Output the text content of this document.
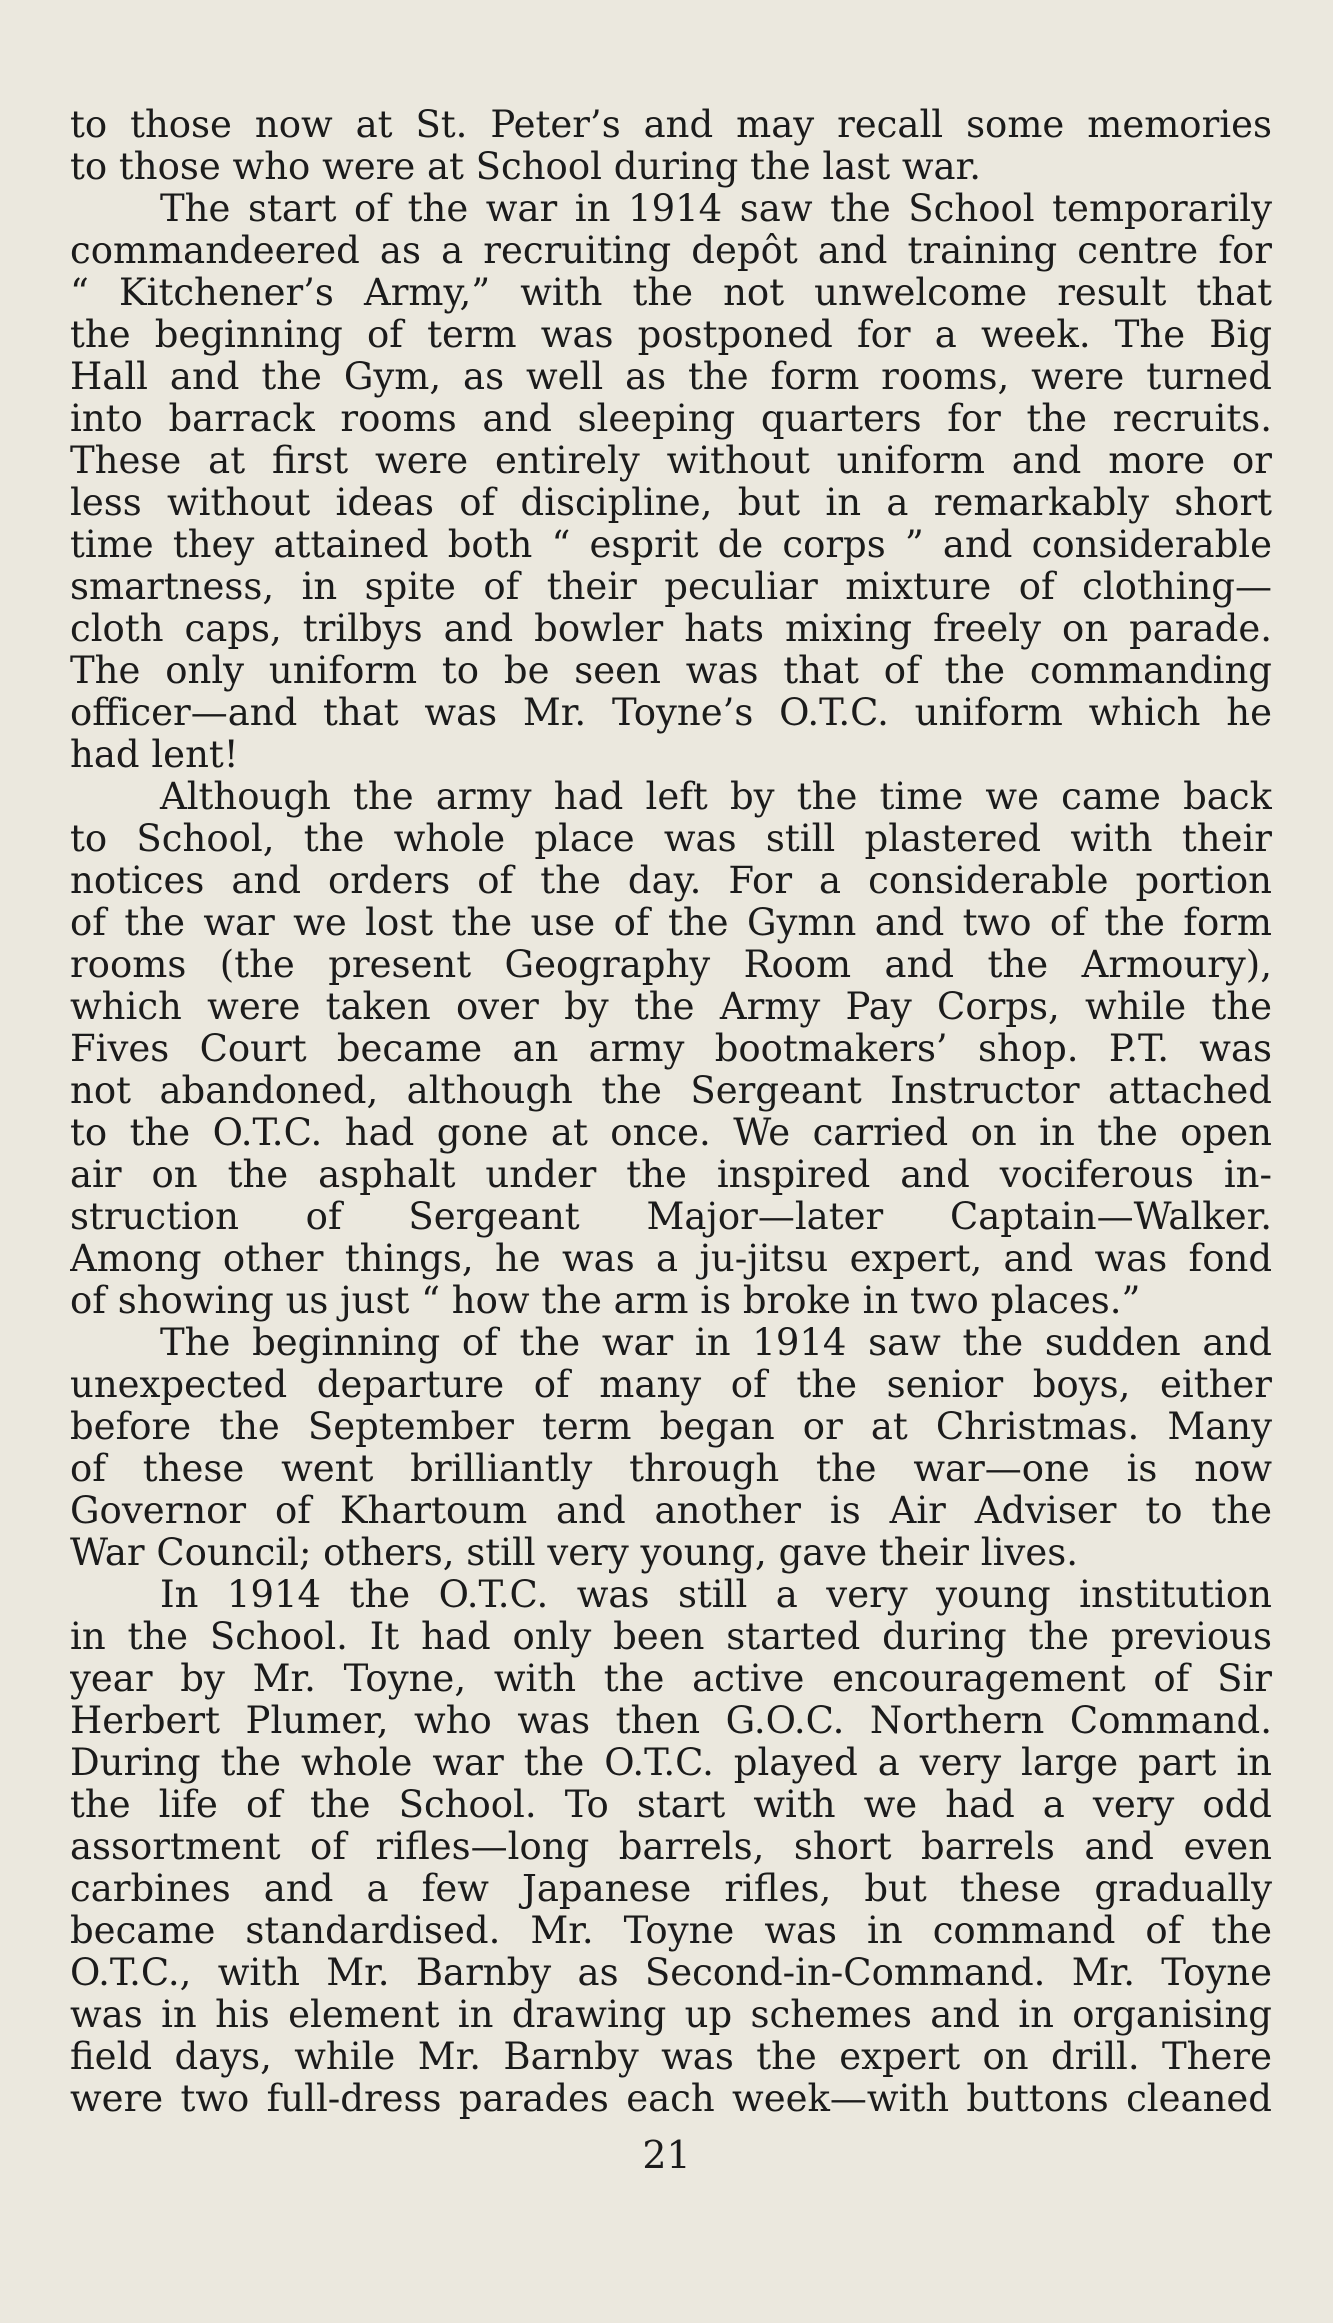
to those now at St. Peter’s and may recall some memories
to those who were at School during the last war.
The start of the war in 1914 saw the School temporarily
commandeered as a recruiting depôt and training centre for
“ Kitchener’s Army,” with the not unwelcome result that
the beginning of term was postponed for a week. The Big
Hall and the Gym, as well as the form rooms, were turned
into barrack rooms and sleeping quarters for the recruits.
These at first were entirely without uniform and more or
less without ideas of discipline, but in a remarkably short
time they attained both “ esprit de corps ” and considerable
smartness, in spite of their peculiar mixture of clothing—
cloth caps, trilbys and bowler hats mixing freely on parade.
The only uniform to be seen was that of the commanding
officer—and that was Mr. Toyne’s O.T.C. uniform which he
had lent!
Although the army had left by the time we came back
to School, the whole place was still plastered with their
notices and orders of the day. For a considerable portion
of the war we lost the use of the Gymn and two of the form
rooms (the present Geography Room and the Armoury),
which were taken over by the Army Pay Corps, while the
Fives Court became an army bootmakers’ shop. P.T. was
not abandoned, although the Sergeant Instructor attached
to the O.T.C. had gone at once. We carried on in the open
air on the asphalt under the inspired and vociferous in-
struction of Sergeant Major—later Captain—Walker.
Among other things, he was a ju-jitsu expert, and was fond
of showing us just “ how the arm is broke in two places.”
The beginning of the war in 1914 saw the sudden and
unexpected departure of many of the senior boys, either
before the September term began or at Christmas. Many
of these went brilliantly through the war—one is now
Governor of Khartoum and another is Air Adviser to the
War Council; others, still very young, gave their lives.
In 1914 the O.T.C. was still a very young institution
in the School. It had only been started during the previous
year by Mr. Toyne, with the active encouragement of Sir
Herbert Plumer, who was then G.O.C. Northern Command.
During the whole war the O.T.C. played a very large part in
the life of the School. To start with we had a very odd
assortment of rifles—long barrels, short barrels and even
carbines and a few Japanese rifles, but these gradually
became standardised. Mr. Toyne was in command of the
O.T.C., with Mr. Barnby as Second-in-Command. Mr. Toyne
was in his element in drawing up schemes and in organising
field days, while Mr. Barnby was the expert on drill. There
were two full-dress parades each week—with buttons cleaned
21
